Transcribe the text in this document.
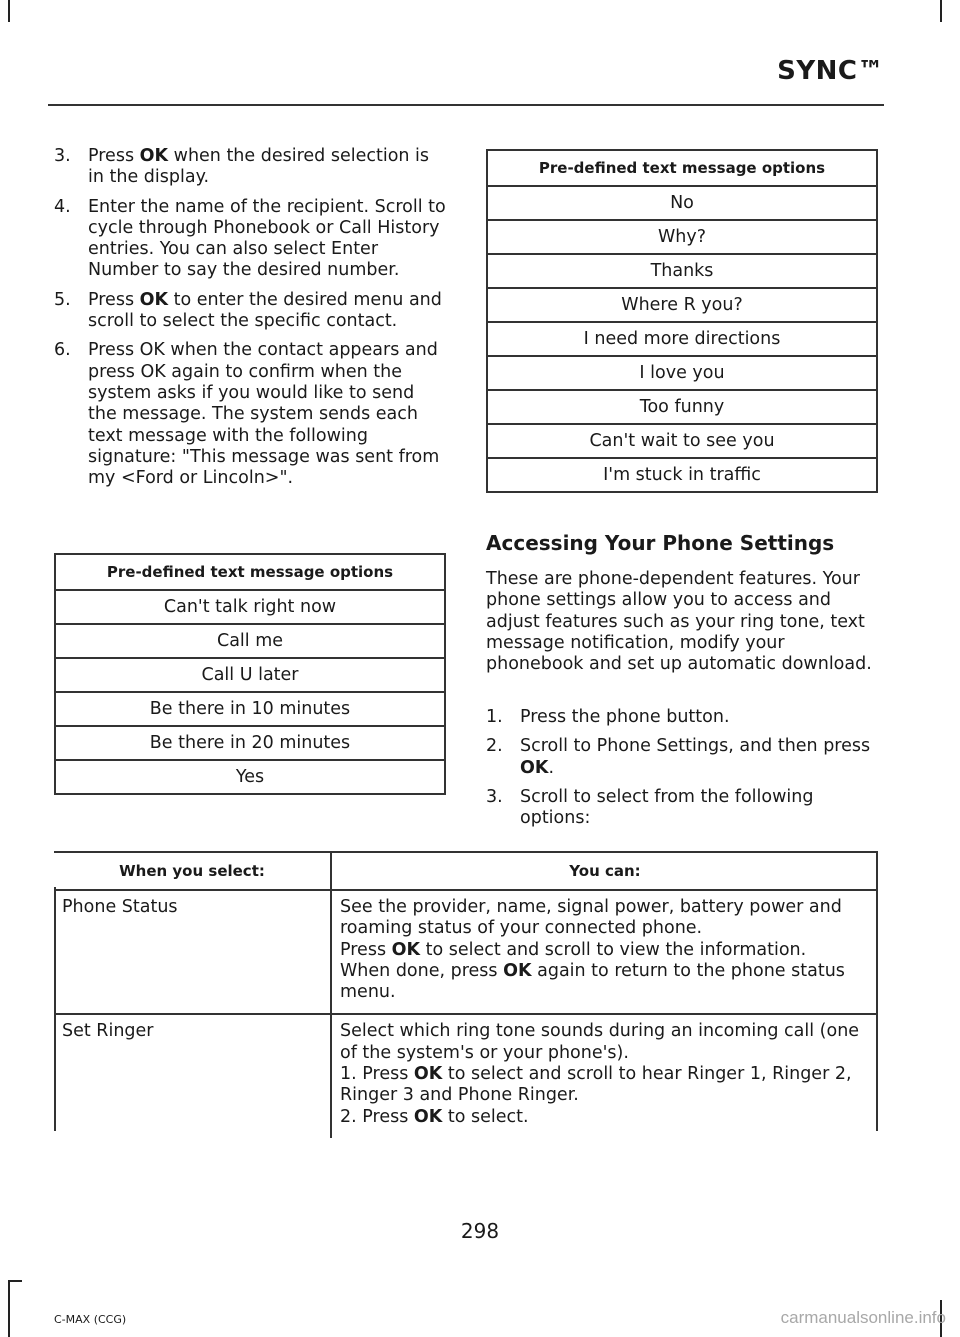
SYNC™
3. Press OK when the desired selection is in the display.
4. Enter the name of the recipient. Scroll to cycle through Phonebook or Call History entries. You can also select Enter Number to say the desired number.
5. Press OK to enter the desired menu and scroll to select the specific contact.
6. Press OK when the contact appears and press OK again to confirm when the system asks if you would like to send the message. The system sends each text message with the following signature: "This message was sent from my <Ford or Lincoln>".
Pre-defined text message options
Can't talk right now
Call me
Call U later
Be there in 10 minutes
Be there in 20 minutes
Yes
Pre-defined text message options
No
Why?
Thanks
Where R you?
I need more directions
I love you
Too funny
Can't wait to see you
I'm stuck in traffic
Accessing Your Phone Settings
These are phone-dependent features. Your phone settings allow you to access and adjust features such as your ring tone, text message notification, modify your phonebook and set up automatic download.
1. Press the phone button.
2. Scroll to Phone Settings, and then press OK.
3. Scroll to select from the following options:
When you select:	You can:
Phone Status	See the provider, name, signal power, battery power and roaming status of your connected phone.
Press OK to select and scroll to view the information.
When done, press OK again to return to the phone status menu.

Set Ringer	Select which ring tone sounds during an incoming call (one of the system's or your phone's).
1. Press OK to select and scroll to hear Ringer 1, Ringer 2, Ringer 3 and Phone Ringer.
2. Press OK to select.
298
C-MAX (CCG)	carmanualsonline.info
